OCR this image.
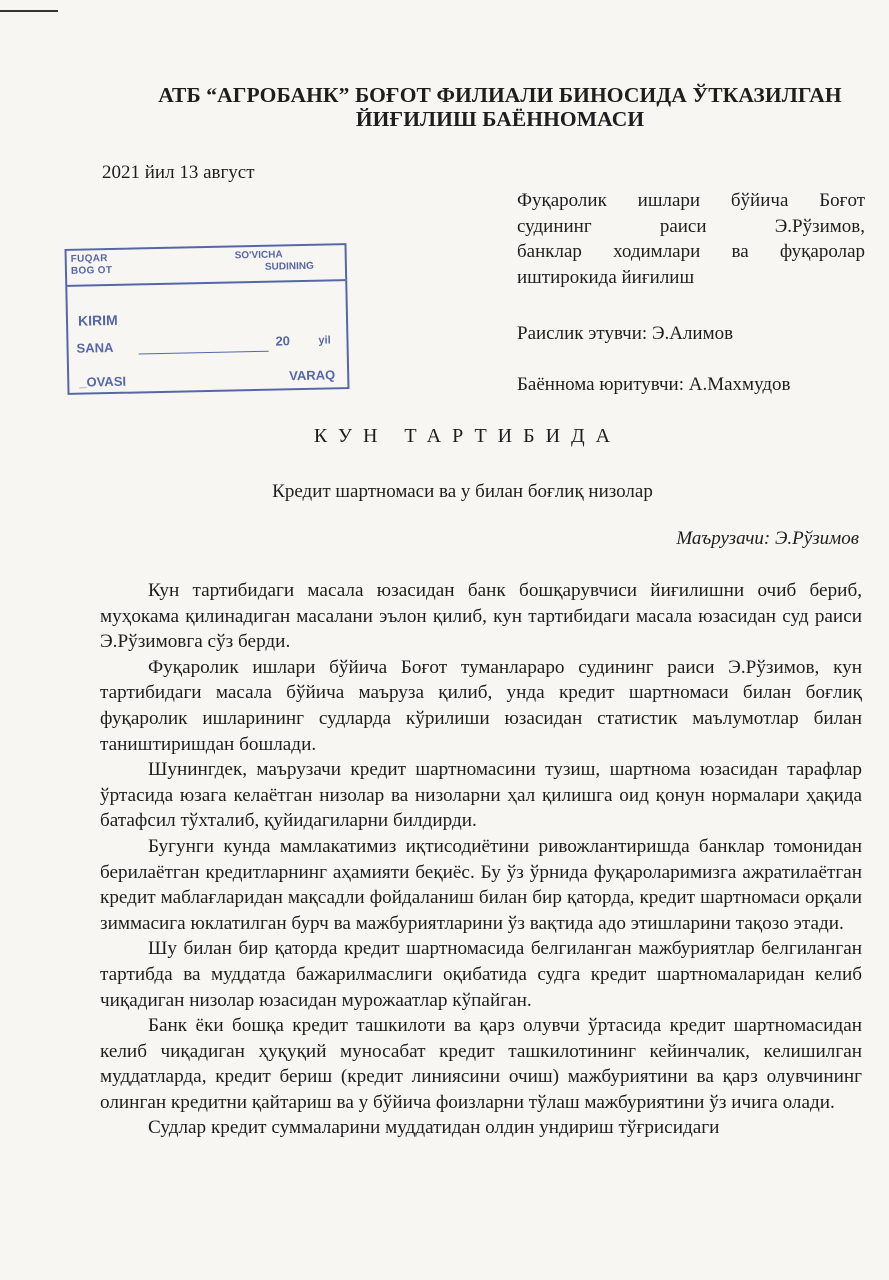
АТБ “АГРОБАНК” БОҒОТ ФИЛИАЛИ БИНОСИДА ЎТКАЗИЛГАН
ЙИҒИЛИШ БАЁННОМАСИ
2021 йил 13 август
Фуқаролик ишлари бўйича Боғот
судининг раиси Э.Рўзимов,
банклар ходимлари ва фуқаролар
иштирокида йиғилиш
Раислик этувчи: Э.Алимов
Баённома юритувчи: А.Махмудов
FUQAR
BOG OT
SO'VICHA
SUDINING
KIRIM
SANA	20	yil
_OVASI	VARAQ
КУН ТАРТИБИДА
Кредит шартномаси ва у билан боғлиқ низолар
Маърузачи: Э.Рўзимов

Кун тартибидаги масала юзасидан банк бошқарувчиси йиғилишни очиб бериб, муҳокама қилинадиган масалани эълон қилиб, кун тартибидаги масала юзасидан суд раиси Э.Рўзимовга сўз берди.

Фуқаролик ишлари бўйича Боғот туманлараро судининг раиси Э.Рўзимов, кун тартибидаги масала бўйича маъруза қилиб, унда кредит шартномаси билан боғлиқ фуқаролик ишларининг судларда кўрилиши юзасидан статистик маълумотлар билан таништиришдан бошлади.

Шунингдек, маърузачи кредит шартномасини тузиш, шартнома юзасидан тарафлар ўртасида юзага келаётган низолар ва низоларни ҳал қилишга оид қонун нормалари ҳақида батафсил тўхталиб, қуйидагиларни билдирди.

Бугунги кунда мамлакатимиз иқтисодиётини ривожлантиришда банклар томонидан берилаётган кредитларнинг аҳамияти беқиёс. Бу ўз ўрнида фуқароларимизга ажратилаётган кредит маблағларидан мақсадли фойдаланиш билан бир қаторда, кредит шартномаси орқали зиммасига юклатилган бурч ва мажбуриятларини ўз вақтида адо этишларини тақозо этади.

Шу билан бир қаторда кредит шартномасида белгиланган мажбуриятлар белгиланган тартибда ва муддатда бажарилмаслиги оқибатида судга кредит шартномаларидан келиб чиқадиган низолар юзасидан мурожаатлар кўпайган.

Банк ёки бошқа кредит ташкилоти ва қарз олувчи ўртасида кредит шартномасидан келиб чиқадиган ҳуқуқий муносабат кредит ташкилотининг кейинчалик, келишилган муддатларда, кредит бериш (кредит линиясини очиш) мажбуриятини ва қарз олувчининг олинган кредитни қайтариш ва у бўйича фоизларни тўлаш мажбуриятини ўз ичига олади.

Судлар кредит суммаларини муддатидан олдин ундириш тўғрисидаги
